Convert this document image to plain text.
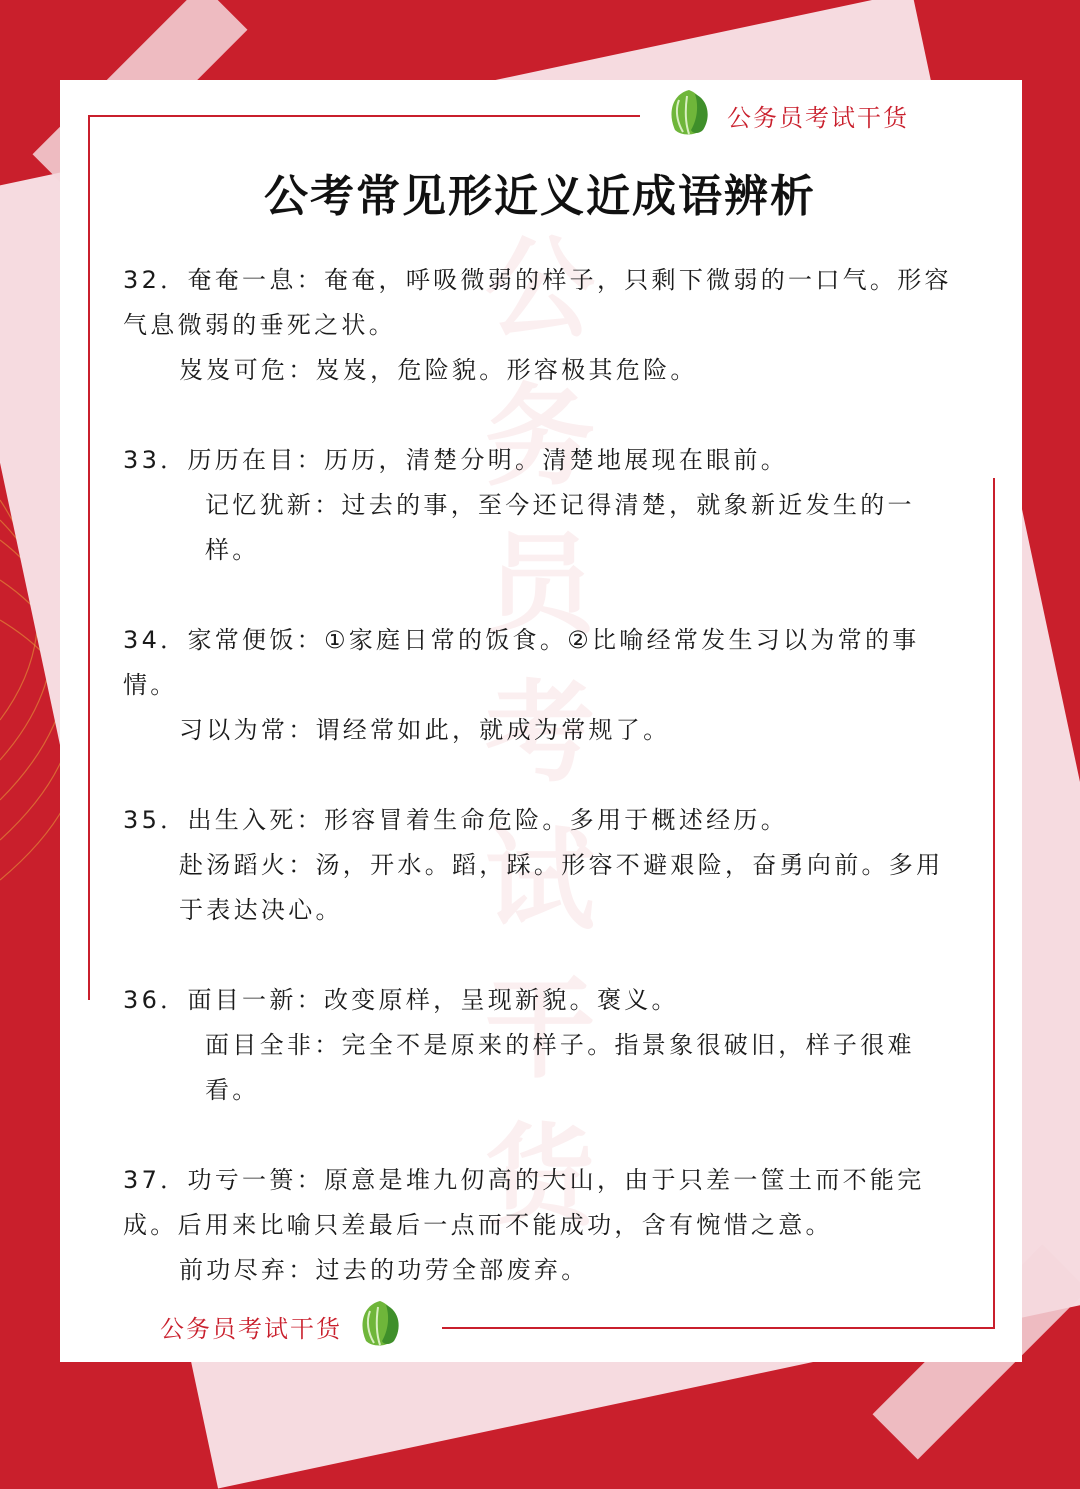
公务员考试干货
公考常见形近义近成语辨析
公务员考试干货

32．奄奄一息：奄奄，呼吸微弱的样子，只剩下微弱的一口气。形容气息微弱的垂死之状。

岌岌可危：岌岌，危险貌。形容极其危险。

33．历历在目：历历，清楚分明。清楚地展现在眼前。

记忆犹新：过去的事，至今还记得清楚，就象新近发生的一样。

34．家常便饭：①家庭日常的饭食。②比喻经常发生习以为常的事情。

习以为常：谓经常如此，就成为常规了。

35．出生入死：形容冒着生命危险。多用于概述经历。

赴汤蹈火：汤，开水。蹈，踩。形容不避艰险，奋勇向前。多用于表达决心。

36．面目一新：改变原样，呈现新貌。褒义。

面目全非：完全不是原来的样子。指景象很破旧，样子很难看。

37．功亏一篑：原意是堆九仞高的大山，由于只差一筐土而不能完成。后用来比喻只差最后一点而不能成功，含有惋惜之意。

前功尽弃：过去的功劳全部废弃。

公务员考试干货
